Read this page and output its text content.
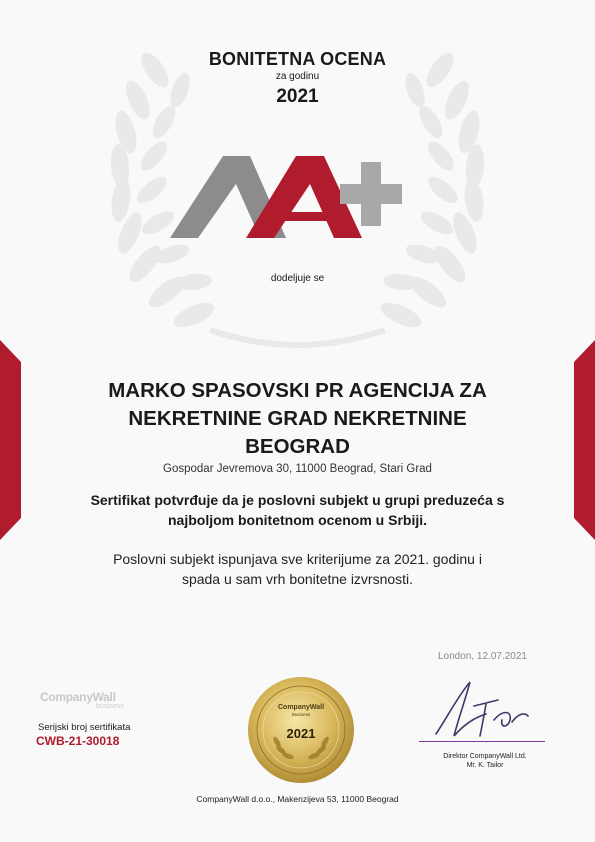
BONITETNA OCENA
za godinu
2021
AA+
dodeljuje se
MARKO SPASOVSKI PR AGENCIJA ZA
NEKRETNINE GRAD NEKRETNINE
BEOGRAD
Gospodar Jevremova 30, 11000 Beograd, Stari Grad
Sertifikat potvrđuje da je poslovni subjekt u grupi preduzeća s
najboljom bonitetnom ocenom u Srbiji.
Poslovni subjekt ispunjava sve kriterijume za 2021. godinu i
spada u sam vrh bonitetne izvrsnosti.
London, 12.07.2021
CompanyWall
business
Serijski broj sertifikata
CWB-21-30018
CompanyWall
Business
2021
Direktor CompanyWall Ltd.
Mr. K. Tailor
CompanyWall d.o.o., Makenzijeva 53, 11000 Beograd
